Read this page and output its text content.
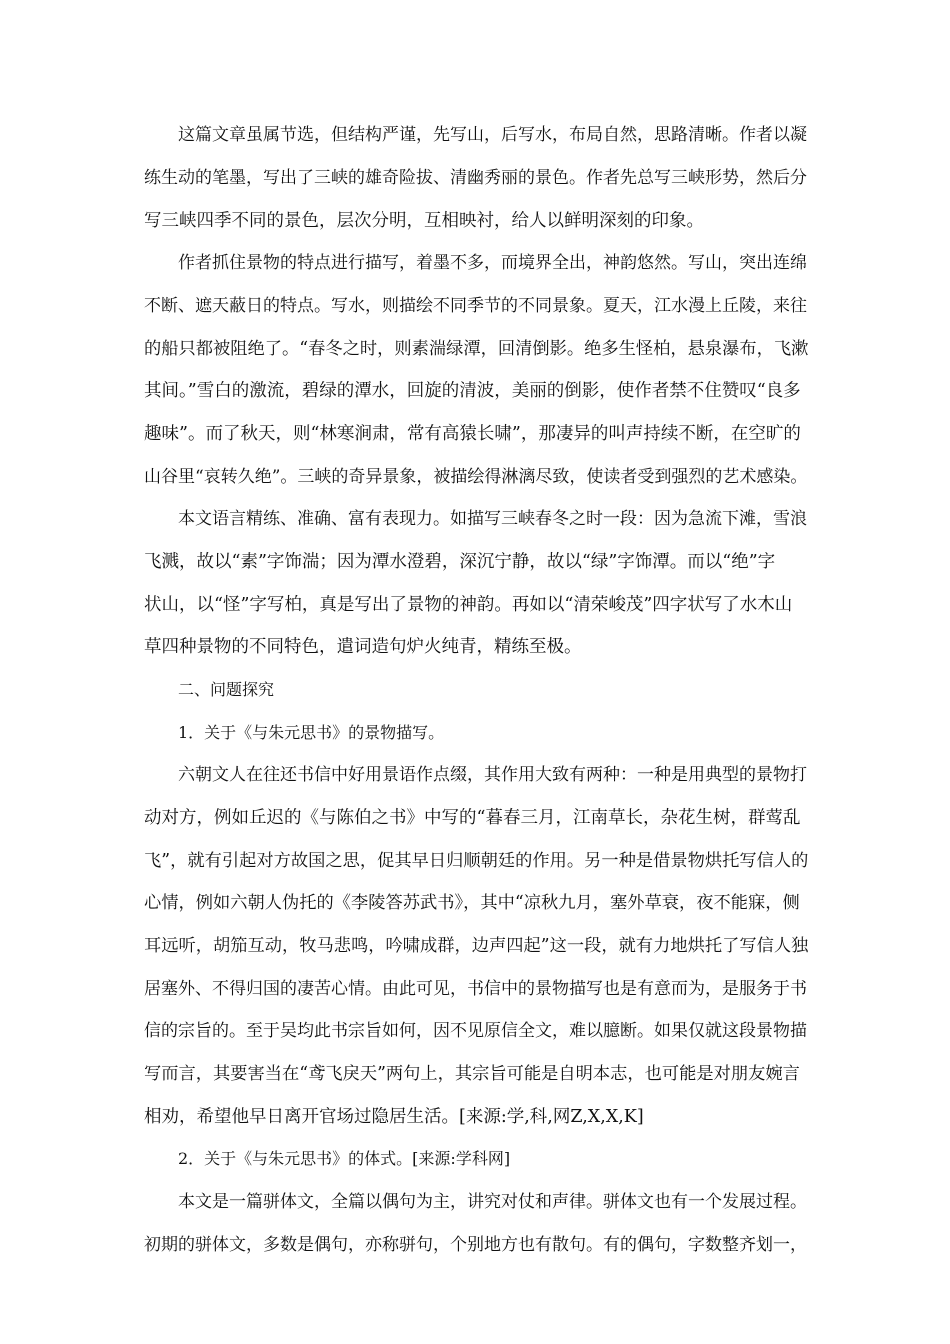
这篇文章虽属节选，但结构严谨，先写山，后写水，布局自然，思路清晰。作者以凝
练生动的笔墨，写出了三峡的雄奇险拔、清幽秀丽的景色。作者先总写三峡形势，然后分
写三峡四季不同的景色，层次分明，互相映衬，给人以鲜明深刻的印象。
作者抓住景物的特点进行描写，着墨不多，而境界全出，神韵悠然。写山，突出连绵
不断、遮天蔽日的特点。写水，则描绘不同季节的不同景象。夏天，江水漫上丘陵，来往
的船只都被阻绝了。“春冬之时，则素湍绿潭，回清倒影。绝多生怪柏，悬泉瀑布，飞漱
其间。”雪白的激流，碧绿的潭水，回旋的清波，美丽的倒影，使作者禁不住赞叹“良多
趣味”。而了秋天，则“林寒涧肃，常有高猿长啸”，那凄异的叫声持续不断，在空旷的
山谷里“哀转久绝”。三峡的奇异景象，被描绘得淋漓尽致，使读者受到强烈的艺术感染。
本文语言精练、准确、富有表现力。如描写三峡春冬之时一段：因为急流下滩，雪浪
飞溅，故以“素”字饰湍；因为潭水澄碧，深沉宁静，故以“绿”字饰潭。而以“绝”字
状山，以“怪”字写柏，真是写出了景物的神韵。再如以“清荣峻茂”四字状写了水木山
草四种景物的不同特色，遣词造句炉火纯青，精练至极。
二、问题探究
1．关于《与朱元思书》的景物描写。
六朝文人在往还书信中好用景语作点缀，其作用大致有两种：一种是用典型的景物打
动对方，例如丘迟的《与陈伯之书》中写的“暮春三月，江南草长，杂花生树，群莺乱
飞”，就有引起对方故国之思，促其早日归顺朝廷的作用。另一种是借景物烘托写信人的
心情，例如六朝人伪托的《李陵答苏武书》，其中“凉秋九月，塞外草衰，夜不能寐，侧
耳远听，胡笳互动，牧马悲鸣，吟啸成群，边声四起”这一段，就有力地烘托了写信人独
居塞外、不得归国的凄苦心情。由此可见，书信中的景物描写也是有意而为，是服务于书
信的宗旨的。至于吴均此书宗旨如何，因不见原信全文，难以臆断。如果仅就这段景物描
写而言，其要害当在“鸢飞戾天”两句上，其宗旨可能是自明本志，也可能是对朋友婉言
相劝，希望他早日离开官场过隐居生活。[来源:学,科,网Z,X,X,K]
2．关于《与朱元思书》的体式。[来源:学科网]
本文是一篇骈体文，全篇以偶句为主，讲究对仗和声律。骈体文也有一个发展过程。
初期的骈体文，多数是偶句，亦称骈句，个别地方也有散句。有的偶句，字数整齐划一，
